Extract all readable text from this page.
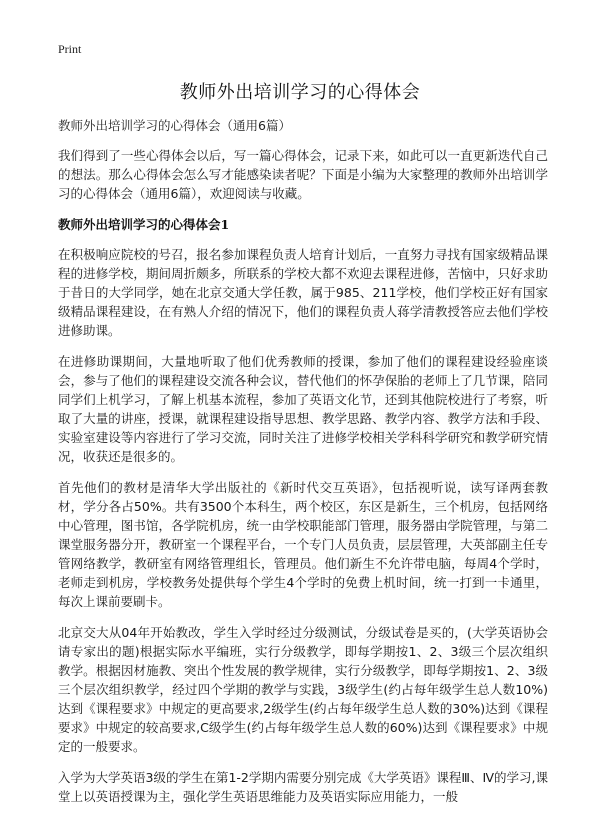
Print
教师外出培训学习的心得体会
教师外出培训学习的心得体会（通用6篇）

我们得到了一些心得体会以后，写一篇心得体会，记录下来，如此可以一直更新迭代自己的想法。那么心得体会怎么写才能感染读者呢？下面是小编为大家整理的教师外出培训学习的心得体会（通用6篇），欢迎阅读与收藏。

教师外出培训学习的心得体会1

在积极响应院校的号召，报名参加课程负责人培育计划后，一直努力寻找有国家级精品课程的进修学校，期间周折颇多，所联系的学校大都不欢迎去课程进修，苦恼中，只好求助于昔日的大学同学，她在北京交通大学任教，属于985、211学校，他们学校正好有国家级精品课程建设，在有熟人介绍的情况下，他们的课程负责人蒋学清教授答应去他们学校进修助课。

在进修助课期间，大量地听取了他们优秀教师的授课，参加了他们的课程建设经验座谈会，参与了他们的课程建设交流各种会议，替代他们的怀孕保胎的老师上了几节课，陪同同学们上机学习，了解上机基本流程，参加了英语文化节，还到其他院校进行了考察，听取了大量的讲座，授课，就课程建设指导思想、教学思路、教学内容、教学方法和手段、实验室建设等内容进行了学习交流，同时关注了进修学校相关学科科学研究和教学研究情况，收获还是很多的。

首先他们的教材是清华大学出版社的《新时代交互英语》，包括视听说，读写译两套教材，学分各占50%。共有3500个本科生，两个校区，东区是新生，三个机房，包括网络中心管理，图书馆，各学院机房，统一由学校职能部门管理，服务器由学院管理，与第二课堂服务器分开，教研室一个课程平台，一个专门人员负责，层层管理，大英部副主任专管网络教学，教研室有网络管理组长，管理员。他们新生不允许带电脑，每周4个学时，老师走到机房，学校教务处提供每个学生4个学时的免费上机时间，统一打到一卡通里，每次上课前要刷卡。

北京交大从04年开始教改，学生入学时经过分级测试，分级试卷是买的，(大学英语协会请专家出的题)根据实际水平编班，实行分级教学，即每学期按1、2、3级三个层次组织教学。根据因材施教、突出个性发展的教学规律，实行分级教学，即每学期按1、2、3级三个层次组织教学，经过四个学期的教学与实践，3级学生(约占每年级学生总人数10%)达到《课程要求》中规定的更高要求,2级学生(约占每年级学生总人数的30%)达到《课程要求》中规定的较高要求,C级学生(约占每年级学生总人数的60%)达到《课程要求》中规定的一般要求。

入学为大学英语3级的学生在第1-2学期内需要分别完成《大学英语》课程Ⅲ、Ⅳ的学习,课堂上以英语授课为主，强化学生英语思维能力及英语实际应用能力，一般
